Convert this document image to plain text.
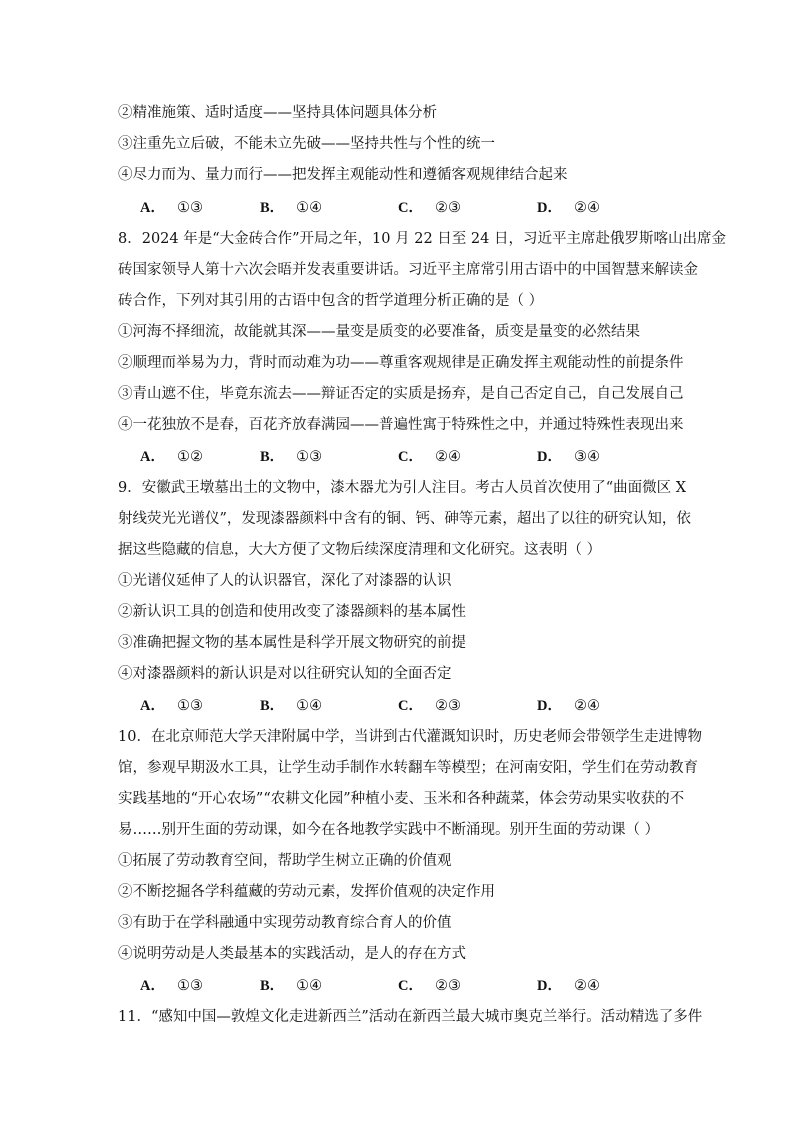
②精准施策、适时适度——坚持具体问题具体分析
③注重先立后破，不能未立先破——坚持共性与个性的统一
④尽力而为、量力而行——把发挥主观能动性和遵循客观规律结合起来
A． ①③	B． ①④	C． ②③	D． ②④
8．2024 年是“大金砖合作”开局之年，10 月 22 日至 24 日，习近平主席赴俄罗斯喀山出席金
砖国家领导人第十六次会晤并发表重要讲话。习近平主席常引用古语中的中国智慧来解读金
砖合作，下列对其引用的古语中包含的哲学道理分析正确的是（ ）
①河海不择细流，故能就其深——量变是质变的必要准备，质变是量变的必然结果
②顺理而举易为力，背时而动难为功——尊重客观规律是正确发挥主观能动性的前提条件
③青山遮不住，毕竟东流去——辩证否定的实质是扬弃，是自己否定自己，自己发展自己
④一花独放不是春，百花齐放春满园——普遍性寓于特殊性之中，并通过特殊性表现出来
A． ①②	B． ①③	C． ②④	D． ③④
9．安徽武王墩墓出土的文物中，漆木器尤为引人注目。考古人员首次使用了“曲面微区 X
射线荧光光谱仪”，发现漆器颜料中含有的铜、钙、砷等元素，超出了以往的研究认知，依
据这些隐藏的信息，大大方便了文物后续深度清理和文化研究。这表明（ ）
①光谱仪延伸了人的认识器官，深化了对漆器的认识
②新认识工具的创造和使用改变了漆器颜料的基本属性
③准确把握文物的基本属性是科学开展文物研究的前提
④对漆器颜料的新认识是对以往研究认知的全面否定
A． ①③	B． ①④	C． ②③	D． ②④
10．在北京师范大学天津附属中学，当讲到古代灌溉知识时，历史老师会带领学生走进博物
馆，参观早期汲水工具，让学生动手制作水转翻车等模型；在河南安阳，学生们在劳动教育
实践基地的“开心农场”“农耕文化园”种植小麦、玉米和各种蔬菜，体会劳动果实收获的不
易……别开生面的劳动课，如今在各地教学实践中不断涌现。别开生面的劳动课（ ）
①拓展了劳动教育空间，帮助学生树立正确的价值观
②不断挖掘各学科蕴藏的劳动元素，发挥价值观的决定作用
③有助于在学科融通中实现劳动教育综合育人的价值
④说明劳动是人类最基本的实践活动，是人的存在方式
A． ①③	B． ①④	C． ②③	D． ②④
11．“感知中国—敦煌文化走进新西兰”活动在新西兰最大城市奥克兰举行。活动精选了多件
